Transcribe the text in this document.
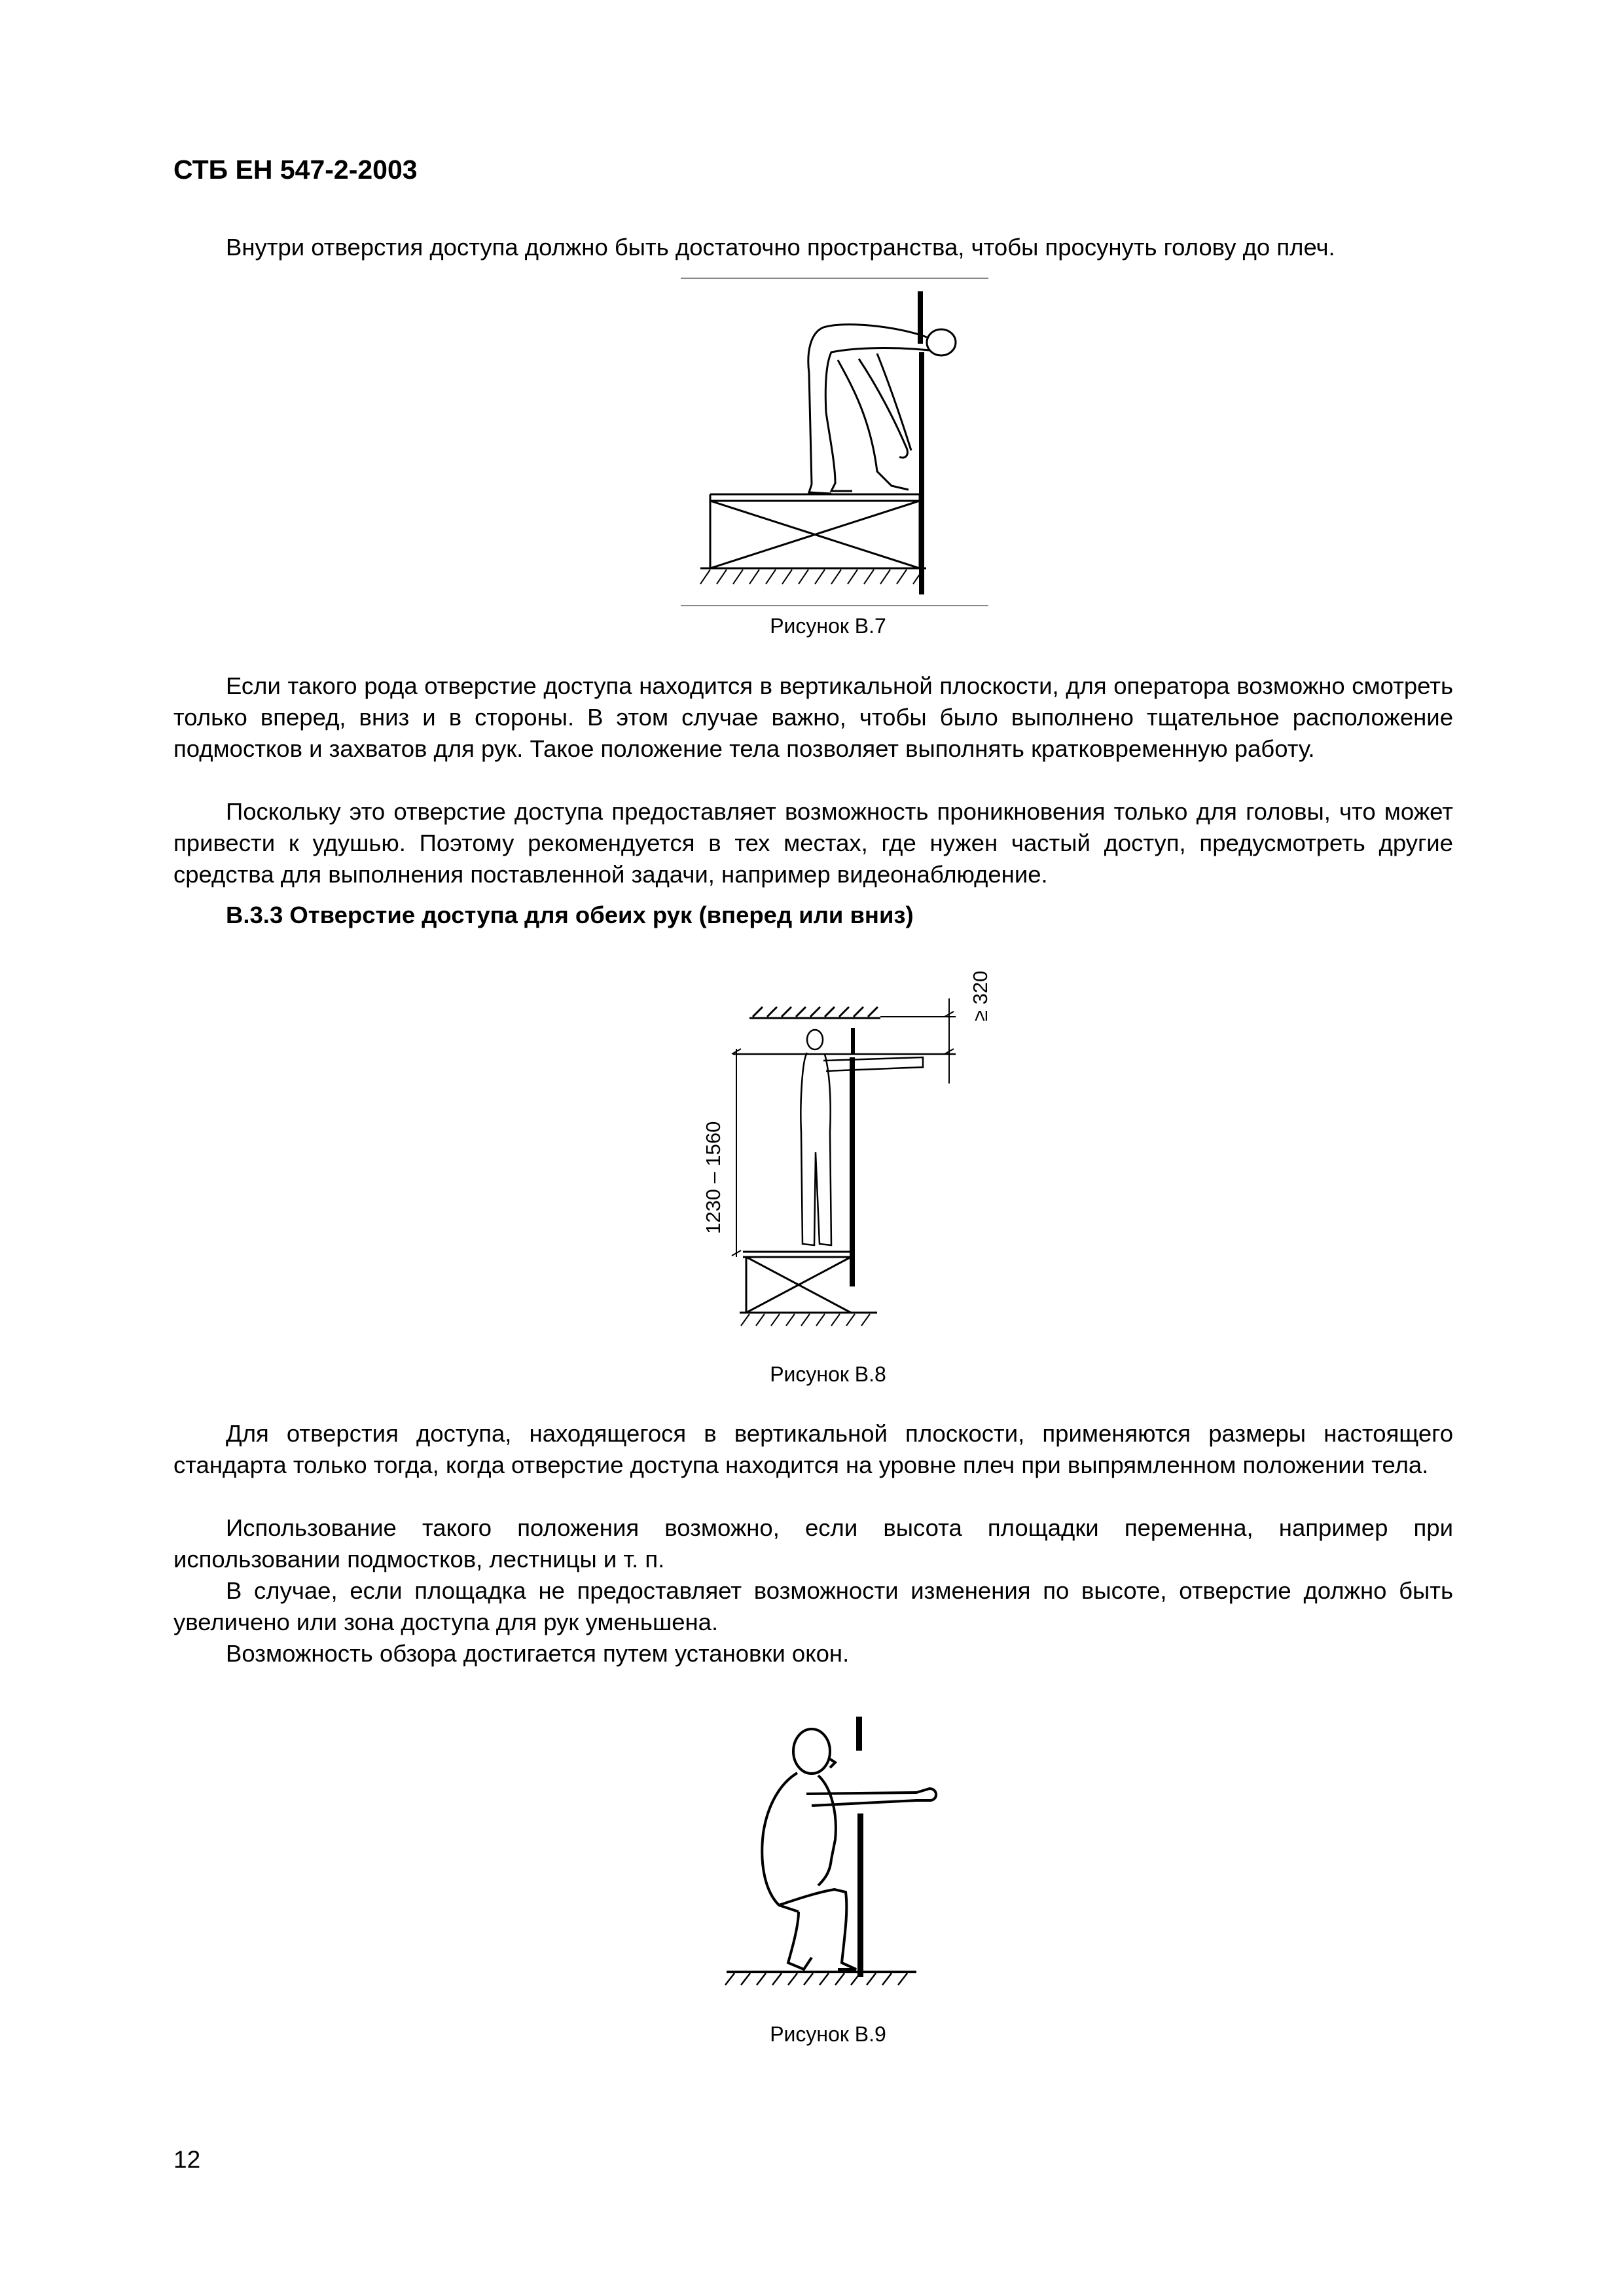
СТБ ЕН 547-2-2003

Внутри отверстия доступа должно быть достаточно пространства, чтобы просунуть голову до плеч.

Рисунок В.7

Если такого рода отверстие доступа находится в вертикальной плоскости, для оператора возможно смотреть только вперед, вниз и в стороны. В этом случае важно, чтобы было выполнено тщательное расположение подмостков и захватов для рук. Такое положение тела позволяет выполнять кратковременную работу.

Поскольку это отверстие доступа предоставляет возможность проникновения только для головы, что может привести к удушью. Поэтому рекомендуется в тех местах, где нужен частый доступ, предусмотреть другие средства для выполнения поставленной задачи, например видеонаблюдение.

В.3.3 Отверстие доступа для обеих рук (вперед или вниз)
≥ 320
1230 – 1560
Рисунок В.8

Для отверстия доступа, находящегося в вертикальной плоскости, применяются размеры настоящего стандарта только тогда, когда отверстие доступа находится на уровне плеч при выпрямленном положении тела.

Использование такого положения возможно, если высота площадки переменна, например при использовании подмостков, лестницы и т. п.

В случае, если площадка не предоставляет возможности изменения по высоте, отверстие должно быть увеличено или зона доступа для рук уменьшена.

Возможность обзора достигается путем установки окон.

Рисунок В.9
12
